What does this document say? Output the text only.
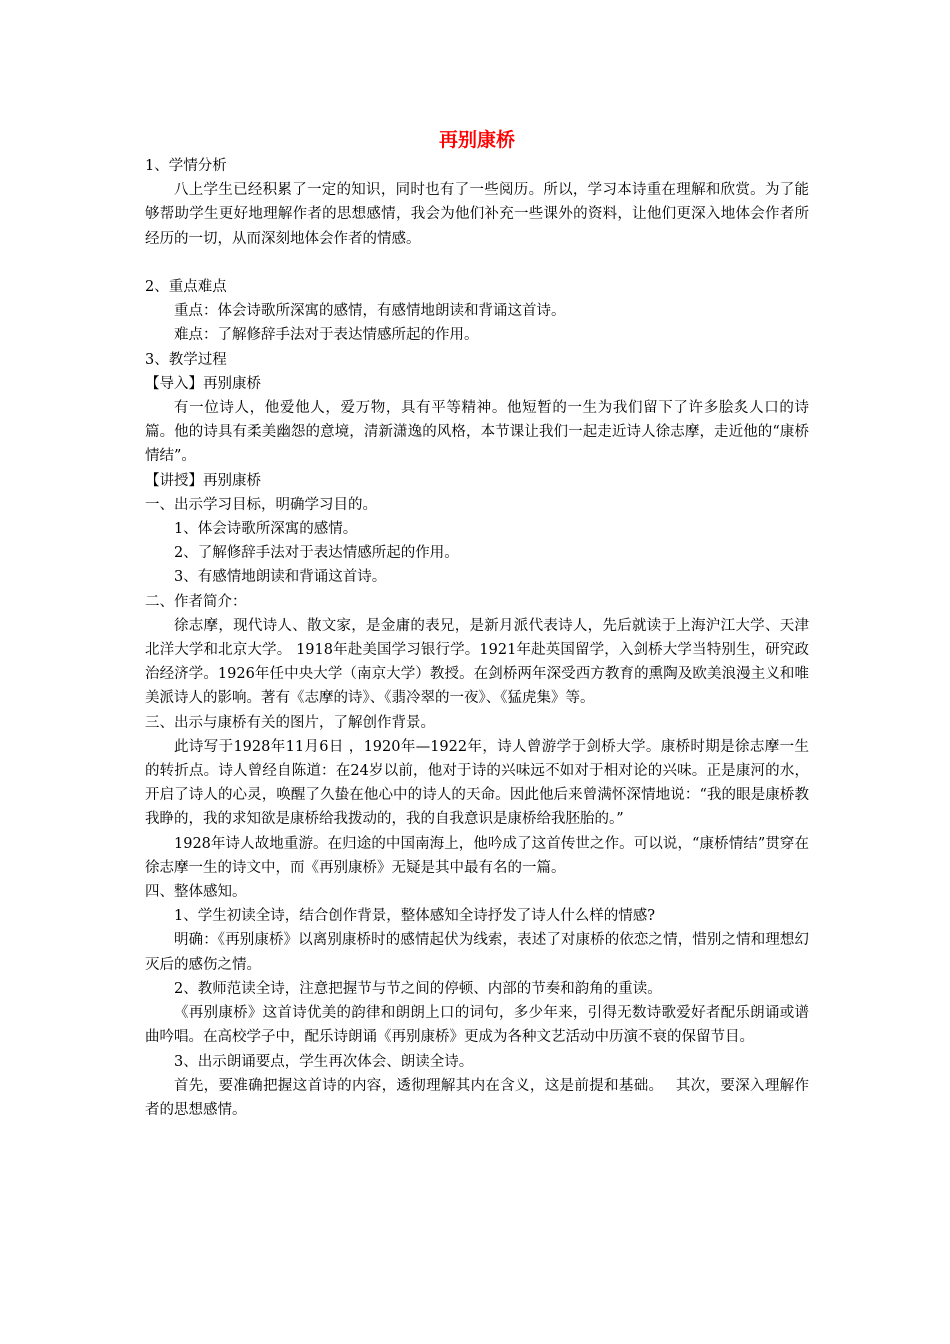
再别康桥

1、学情分析

八上学生已经积累了一定的知识，同时也有了一些阅历。所以，学习本诗重在理解和欣赏。为了能够帮助学生更好地理解作者的思想感情，我会为他们补充一些课外的资料，让他们更深入地体会作者所经历的一切，从而深刻地体会作者的情感。

2、重点难点

重点：体会诗歌所深寓的感情，有感情地朗读和背诵这首诗。

难点：了解修辞手法对于表达情感所起的作用。

3、教学过程

【导入】再别康桥

有一位诗人，他爱他人，爱万物，具有平等精神。他短暂的一生为我们留下了许多脍炙人口的诗篇。他的诗具有柔美幽怨的意境，清新潇逸的风格，本节课让我们一起走近诗人徐志摩，走近他的“康桥情结”。

【讲授】再别康桥

一、出示学习目标，明确学习目的。

1、体会诗歌所深寓的感情。

2、了解修辞手法对于表达情感所起的作用。

3、有感情地朗读和背诵这首诗。

二、作者简介：

徐志摩，现代诗人、散文家，是金庸的表兄，是新月派代表诗人，先后就读于上海沪江大学、天津北洋大学和北京大学。 1918年赴美国学习银行学。1921年赴英国留学，入剑桥大学当特别生，研究政治经济学。1926年任中央大学（南京大学）教授。在剑桥两年深受西方教育的熏陶及欧美浪漫主义和唯美派诗人的影响。著有《志摩的诗》、《翡冷翠的一夜》、《猛虎集》等。

三、出示与康桥有关的图片，了解创作背景。

此诗写于1928年11月6日 ，1920年—1922年，诗人曾游学于剑桥大学。康桥时期是徐志摩一生的转折点。诗人曾经自陈道：在24岁以前，他对于诗的兴味远不如对于相对论的兴味。正是康河的水，开启了诗人的心灵，唤醒了久蛰在他心中的诗人的天命。因此他后来曾满怀深情地说：“我的眼是康桥教我睁的，我的求知欲是康桥给我拨动的，我的自我意识是康桥给我胚胎的。”

1928年诗人故地重游。在归途的中国南海上，他吟成了这首传世之作。可以说，“康桥情结”贯穿在徐志摩一生的诗文中，而《再别康桥》无疑是其中最有名的一篇。

四、整体感知。

1、学生初读全诗，结合创作背景，整体感知全诗抒发了诗人什么样的情感?

明确：《再别康桥》以离别康桥时的感情起伏为线索，表述了对康桥的依恋之情，惜别之情和理想幻灭后的感伤之情。

2、教师范读全诗，注意把握节与节之间的停顿、内部的节奏和韵角的重读。

《再别康桥》这首诗优美的韵律和朗朗上口的词句，多少年来，引得无数诗歌爱好者配乐朗诵或谱曲吟唱。在高校学子中，配乐诗朗诵《再别康桥》更成为各种文艺活动中历演不衰的保留节目。

3、出示朗诵要点，学生再次体会、朗读全诗。

首先，要准确把握这首诗的内容，透彻理解其内在含义，这是前提和基础。　 其次，要深入理解作者的思想感情。
